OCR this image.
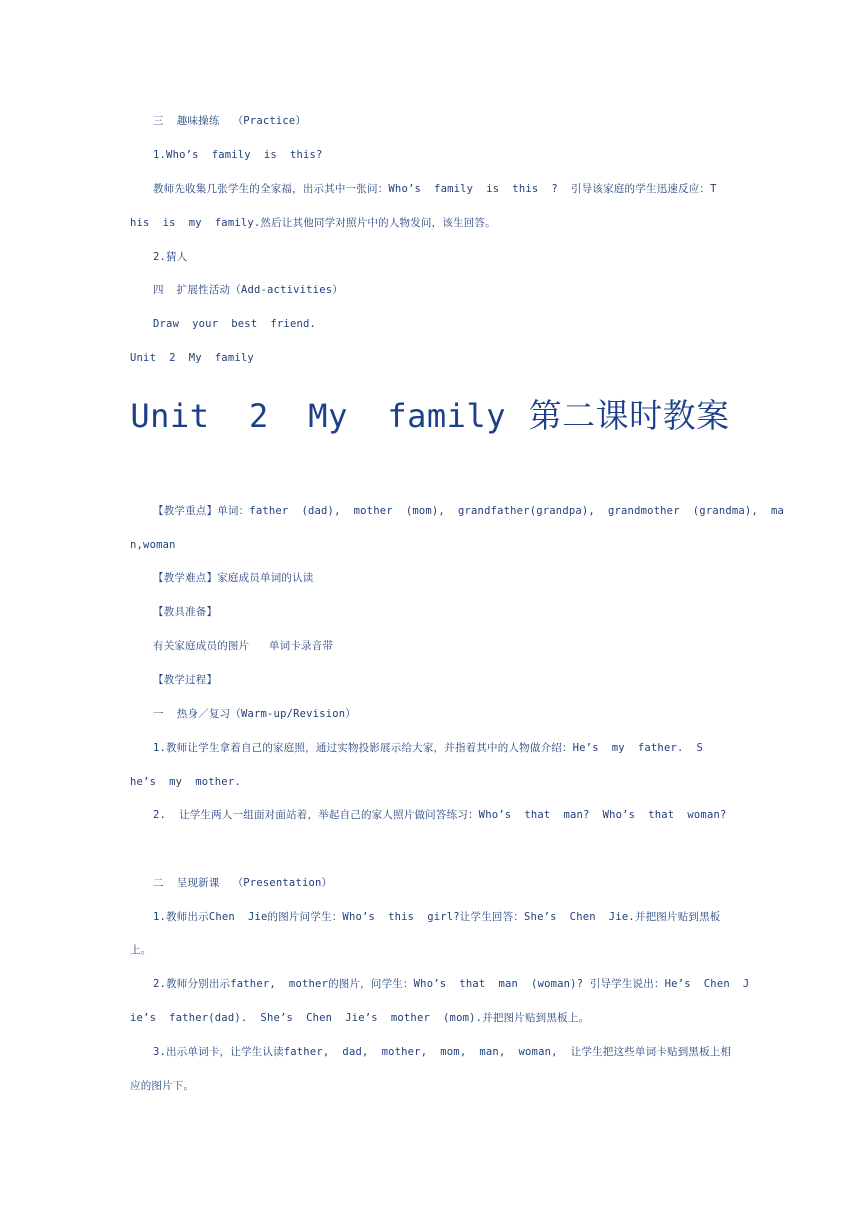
三  趣味操练  （Practice）
1.Who’s  family  is  this?
教师先收集几张学生的全家福，出示其中一张问：Who’s  family  is  this  ?  引导该家庭的学生迅速反应：T
his  is  my  family.然后让其他同学对照片中的人物发问，该生回答。
2.猜人
四  扩展性活动（Add-activities）
Draw  your  best  friend.
Unit  2  My  family
Unit  2  My  family 第二课时教案
【教学重点】单词：father  (dad),  mother  (mom),  grandfather(grandpa),  grandmother  (grandma),  ma
n,woman
【教学难点】家庭成员单词的认读
【教具准备】
有关家庭成员的图片   单词卡录音带
【教学过程】
一  热身／复习（Warm-up/Revision）
1.教师让学生拿着自己的家庭照，通过实物投影展示给大家，并指着其中的人物做介绍：He’s  my  father.  S
he’s  my  mother.
2.  让学生两人一组面对面站着，举起自己的家人照片做问答练习：Who’s  that  man?  Who’s  that  woman?
二  呈现新课  （Presentation）
1.教师出示Chen  Jie的图片问学生：Who’s  this  girl?让学生回答：She’s  Chen  Jie.并把图片贴到黑板
上。
2.教师分别出示father,  mother的图片，问学生：Who’s  that  man  (woman)? 引导学生说出：He’s  Chen  J
ie’s  father(dad).  She’s  Chen  Jie’s  mother  (mom).并把图片贴到黑板上。
3.出示单词卡，让学生认读father,  dad,  mother,  mom,  man,  woman,  让学生把这些单词卡贴到黑板上相
应的图片下。
